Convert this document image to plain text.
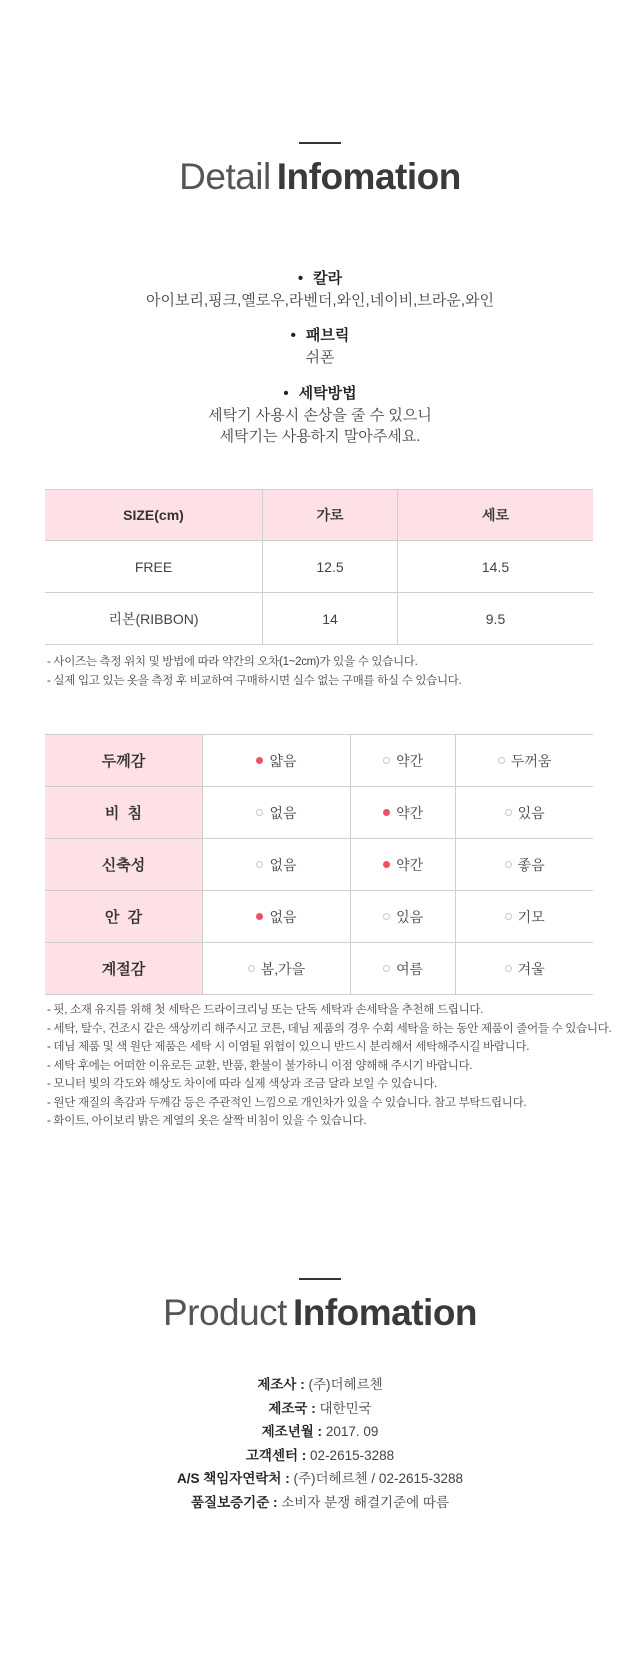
Detail Infomation
• 칼라
아이보리,핑크,옐로우,라벤더,와인,네이비,브라운,와인
• 패브릭
쉬폰
• 세탁방법
세탁기 사용시 손상을 줄 수 있으니
세탁기는 사용하지 말아주세요.
SIZE(cm)	가로	세로
FREE	12.5	14.5
리본(RIBBON)	14	9.5
- 사이즈는 측정 위치 및 방법에 따라 약간의 오차(1~2cm)가 있을 수 있습니다.
- 실제 입고 있는 옷을 측정 후 비교하여 구매하시면 실수 없는 구매를 하실 수 있습니다.
두께감	얇음	약간	두꺼움
비  침	없음	약간	있음
신축성	없음	약간	좋음
안  감	없음	있음	기모
계절감	봄,가을	여름	겨울
- 핏, 소재 유지를 위해 첫 세탁은 드라이크리닝 또는 단독 세탁과 손세탁을 추천해 드립니다.
- 세탁, 탈수, 건조시 같은 색상끼리 해주시고 코튼, 데님 제품의 경우 수회 세탁을 하는 동안 제품이 줄어들 수 있습니다.
- 데님 제품 및 색 원단 제품은 세탁 시 이염될 위험이 있으니 반드시 분리해서 세탁해주시길 바랍니다.
- 세탁 후에는 어떠한 이유로든 교환, 반품, 환불이 불가하니 이점 양해해 주시기 바랍니다.
- 모니터 빛의 각도와 해상도 차이에 따라 실제 색상과 조금 달라 보일 수 있습니다.
- 원단 재질의 촉감과 두께감 등은 주관적인 느낌으로 개인차가 있을 수 있습니다. 참고 부탁드립니다.
- 화이트, 아이보리 밝은 계열의 옷은 살짝 비침이 있을 수 있습니다.
Product Infomation
제조사 : (주)더헤르첸
제조국 : 대한민국
제조년월 : 2017. 09
고객센터 : 02-2615-3288
A/S 책임자연락처 : (주)더헤르첸 / 02-2615-3288
품질보증기준 : 소비자 분쟁 해결기준에 따름
